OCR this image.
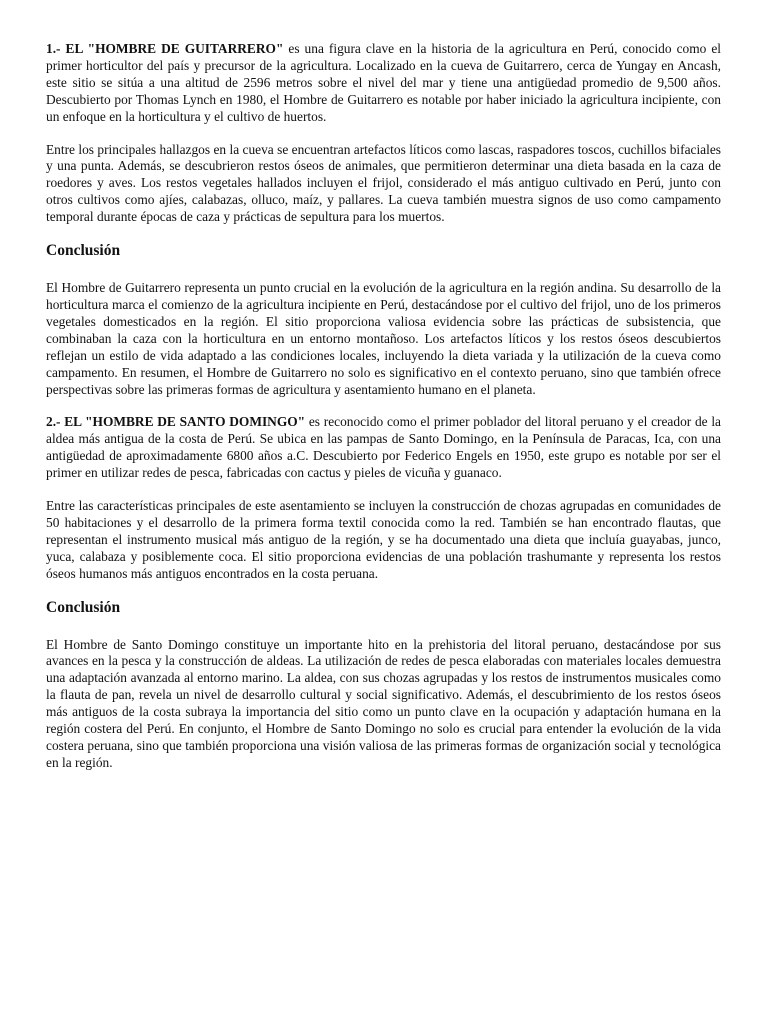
1.- EL "HOMBRE DE GUITARRERO" es una figura clave en la historia de la agricultura en Perú, conocido como el primer horticultor del país y precursor de la agricultura. Localizado en la cueva de Guitarrero, cerca de Yungay en Ancash, este sitio se sitúa a una altitud de 2596 metros sobre el nivel del mar y tiene una antigüedad promedio de 9,500 años. Descubierto por Thomas Lynch en 1980, el Hombre de Guitarrero es notable por haber iniciado la agricultura incipiente, con un enfoque en la horticultura y el cultivo de huertos.

Entre los principales hallazgos en la cueva se encuentran artefactos líticos como lascas, raspadores toscos, cuchillos bifaciales y una punta. Además, se descubrieron restos óseos de animales, que permitieron determinar una dieta basada en la caza de roedores y aves. Los restos vegetales hallados incluyen el frijol, considerado el más antiguo cultivado en Perú, junto con otros cultivos como ajíes, calabazas, olluco, maíz, y pallares. La cueva también muestra signos de uso como campamento temporal durante épocas de caza y prácticas de sepultura para los muertos.

Conclusión

El Hombre de Guitarrero representa un punto crucial en la evolución de la agricultura en la región andina. Su desarrollo de la horticultura marca el comienzo de la agricultura incipiente en Perú, destacándose por el cultivo del frijol, uno de los primeros vegetales domesticados en la región. El sitio proporciona valiosa evidencia sobre las prácticas de subsistencia, que combinaban la caza con la horticultura en un entorno montañoso. Los artefactos líticos y los restos óseos descubiertos reflejan un estilo de vida adaptado a las condiciones locales, incluyendo la dieta variada y la utilización de la cueva como campamento. En resumen, el Hombre de Guitarrero no solo es significativo en el contexto peruano, sino que también ofrece perspectivas sobre las primeras formas de agricultura y asentamiento humano en el planeta.

2.- EL "HOMBRE DE SANTO DOMINGO" es reconocido como el primer poblador del litoral peruano y el creador de la aldea más antigua de la costa de Perú. Se ubica en las pampas de Santo Domingo, en la Península de Paracas, Ica, con una antigüedad de aproximadamente 6800 años a.C. Descubierto por Federico Engels en 1950, este grupo es notable por ser el primer en utilizar redes de pesca, fabricadas con cactus y pieles de vicuña y guanaco.

Entre las características principales de este asentamiento se incluyen la construcción de chozas agrupadas en comunidades de 50 habitaciones y el desarrollo de la primera forma textil conocida como la red. También se han encontrado flautas, que representan el instrumento musical más antiguo de la región, y se ha documentado una dieta que incluía guayabas, junco, yuca, calabaza y posiblemente coca. El sitio proporciona evidencias de una población trashumante y representa los restos óseos humanos más antiguos encontrados en la costa peruana.

Conclusión

El Hombre de Santo Domingo constituye un importante hito en la prehistoria del litoral peruano, destacándose por sus avances en la pesca y la construcción de aldeas. La utilización de redes de pesca elaboradas con materiales locales demuestra una adaptación avanzada al entorno marino. La aldea, con sus chozas agrupadas y los restos de instrumentos musicales como la flauta de pan, revela un nivel de desarrollo cultural y social significativo. Además, el descubrimiento de los restos óseos más antiguos de la costa subraya la importancia del sitio como un punto clave en la ocupación y adaptación humana en la región costera del Perú. En conjunto, el Hombre de Santo Domingo no solo es crucial para entender la evolución de la vida costera peruana, sino que también proporciona una visión valiosa de las primeras formas de organización social y tecnológica en la región.
